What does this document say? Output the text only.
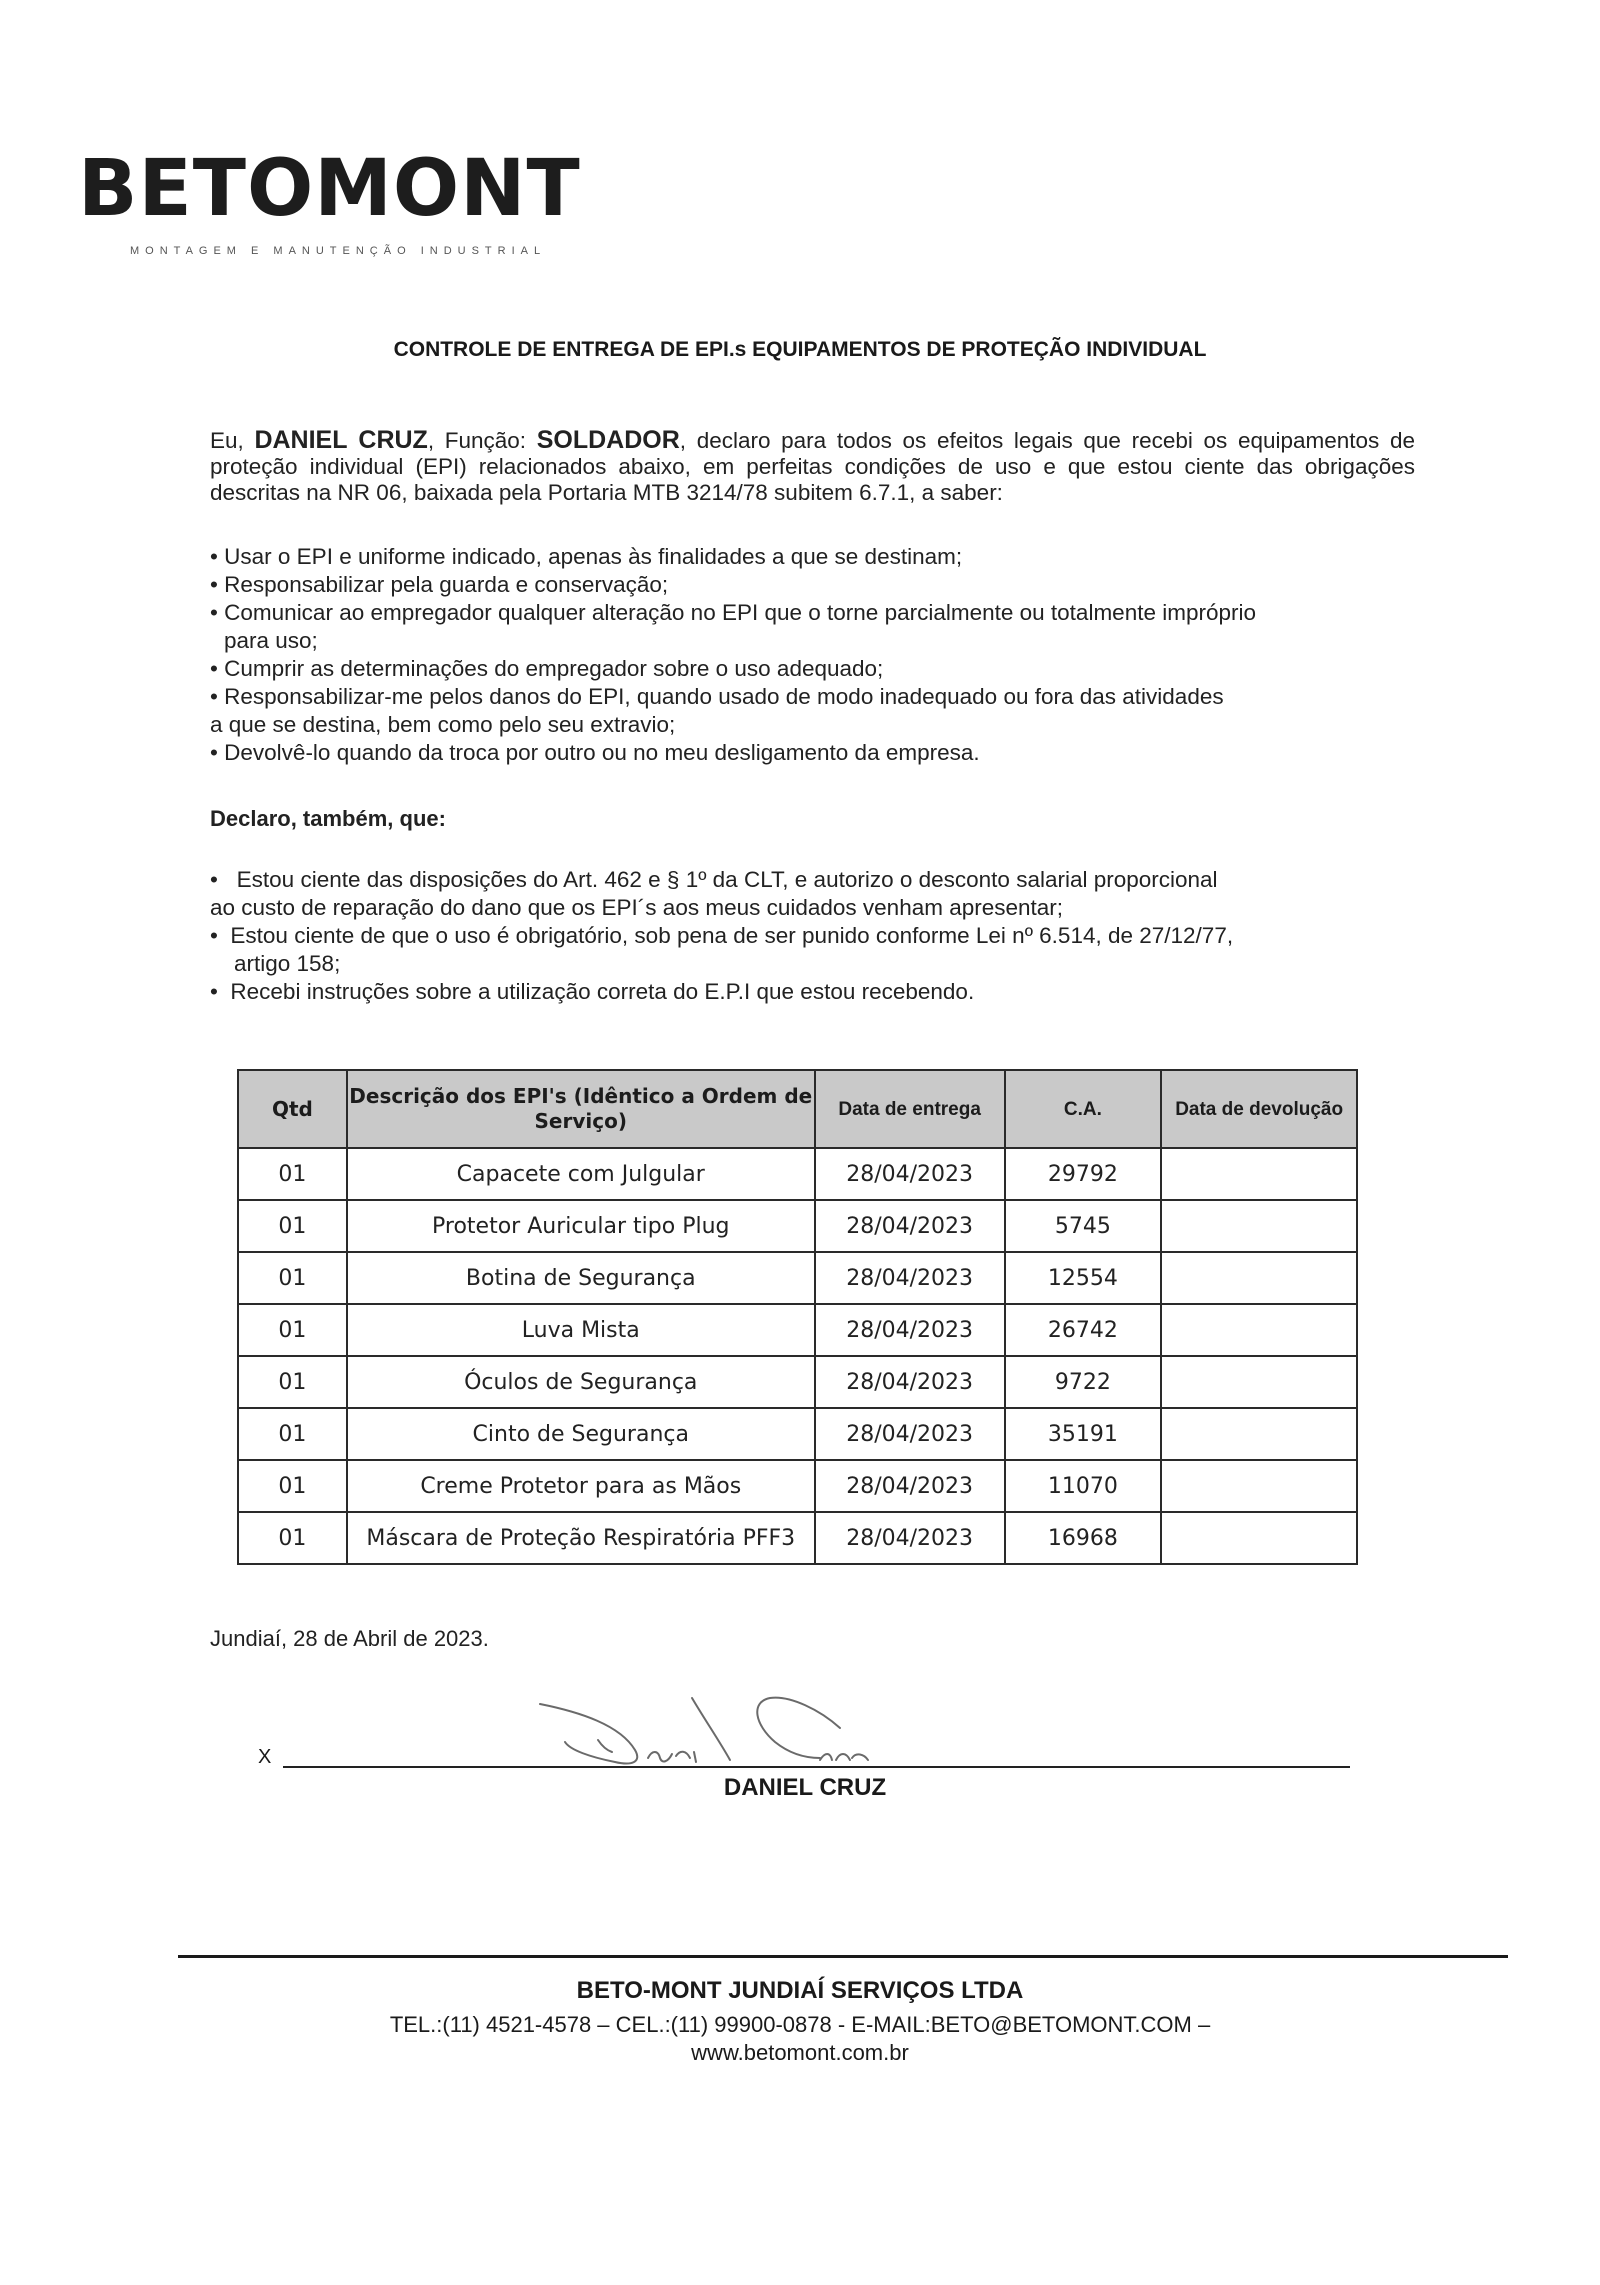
BETOMONT
MONTAGEM E MANUTENÇÃO INDUSTRIAL
CONTROLE DE ENTREGA DE EPI.s EQUIPAMENTOS DE PROTEÇÃO INDIVIDUAL
Eu, DANIEL CRUZ, Função: SOLDADOR, declaro para todos os efeitos legais que recebi os equipamentos de proteção individual (EPI) relacionados abaixo, em perfeitas condições de uso e que estou ciente das obrigações descritas na NR 06, baixada pela Portaria MTB 3214/78 subitem 6.7.1, a saber:
• Usar o EPI e uniforme indicado, apenas às finalidades a que se destinam;
• Responsabilizar pela guarda e conservação;
• Comunicar ao empregador qualquer alteração no EPI que o torne parcialmente ou totalmente impróprio
para uso;
• Cumprir as determinações do empregador sobre o uso adequado;
• Responsabilizar-me pelos danos do EPI, quando usado de modo inadequado ou fora das atividades
a que se destina, bem como pelo seu extravio;
• Devolvê-lo quando da troca por outro ou no meu desligamento da empresa.
Declaro, também, que:
• Estou ciente das disposições do Art. 462 e § 1º da CLT, e autorizo o desconto salarial proporcional
ao custo de reparação do dano que os EPI´s aos meus cuidados venham apresentar;
• Estou ciente de que o uso é obrigatório, sob pena de ser punido conforme Lei nº 6.514, de 27/12/77,
artigo 158;
• Recebi instruções sobre a utilização correta do E.P.I que estou recebendo.
Qtd	Descrição dos EPI's (Idêntico a Ordem de Serviço)	Data de entrega	C.A.	Data de devolução
01	Capacete com Julgular	28/04/2023	29792	
01	Protetor Auricular tipo Plug	28/04/2023	5745	
01	Botina de Segurança	28/04/2023	12554	
01	Luva Mista	28/04/2023	26742	
01	Óculos de Segurança	28/04/2023	9722	
01	Cinto de Segurança	28/04/2023	35191	
01	Creme Protetor para as Mãos	28/04/2023	11070	
01	Máscara de Proteção Respiratória PFF3	28/04/2023	16968	
Jundiaí, 28 de Abril de 2023.
X
DANIEL CRUZ
BETO-MONT JUNDIAÍ SERVIÇOS LTDA
TEL.:(11) 4521-4578 – CEL.:(11) 99900-0878 - E-MAIL:BETO@BETOMONT.COM –
www.betomont.com.br
